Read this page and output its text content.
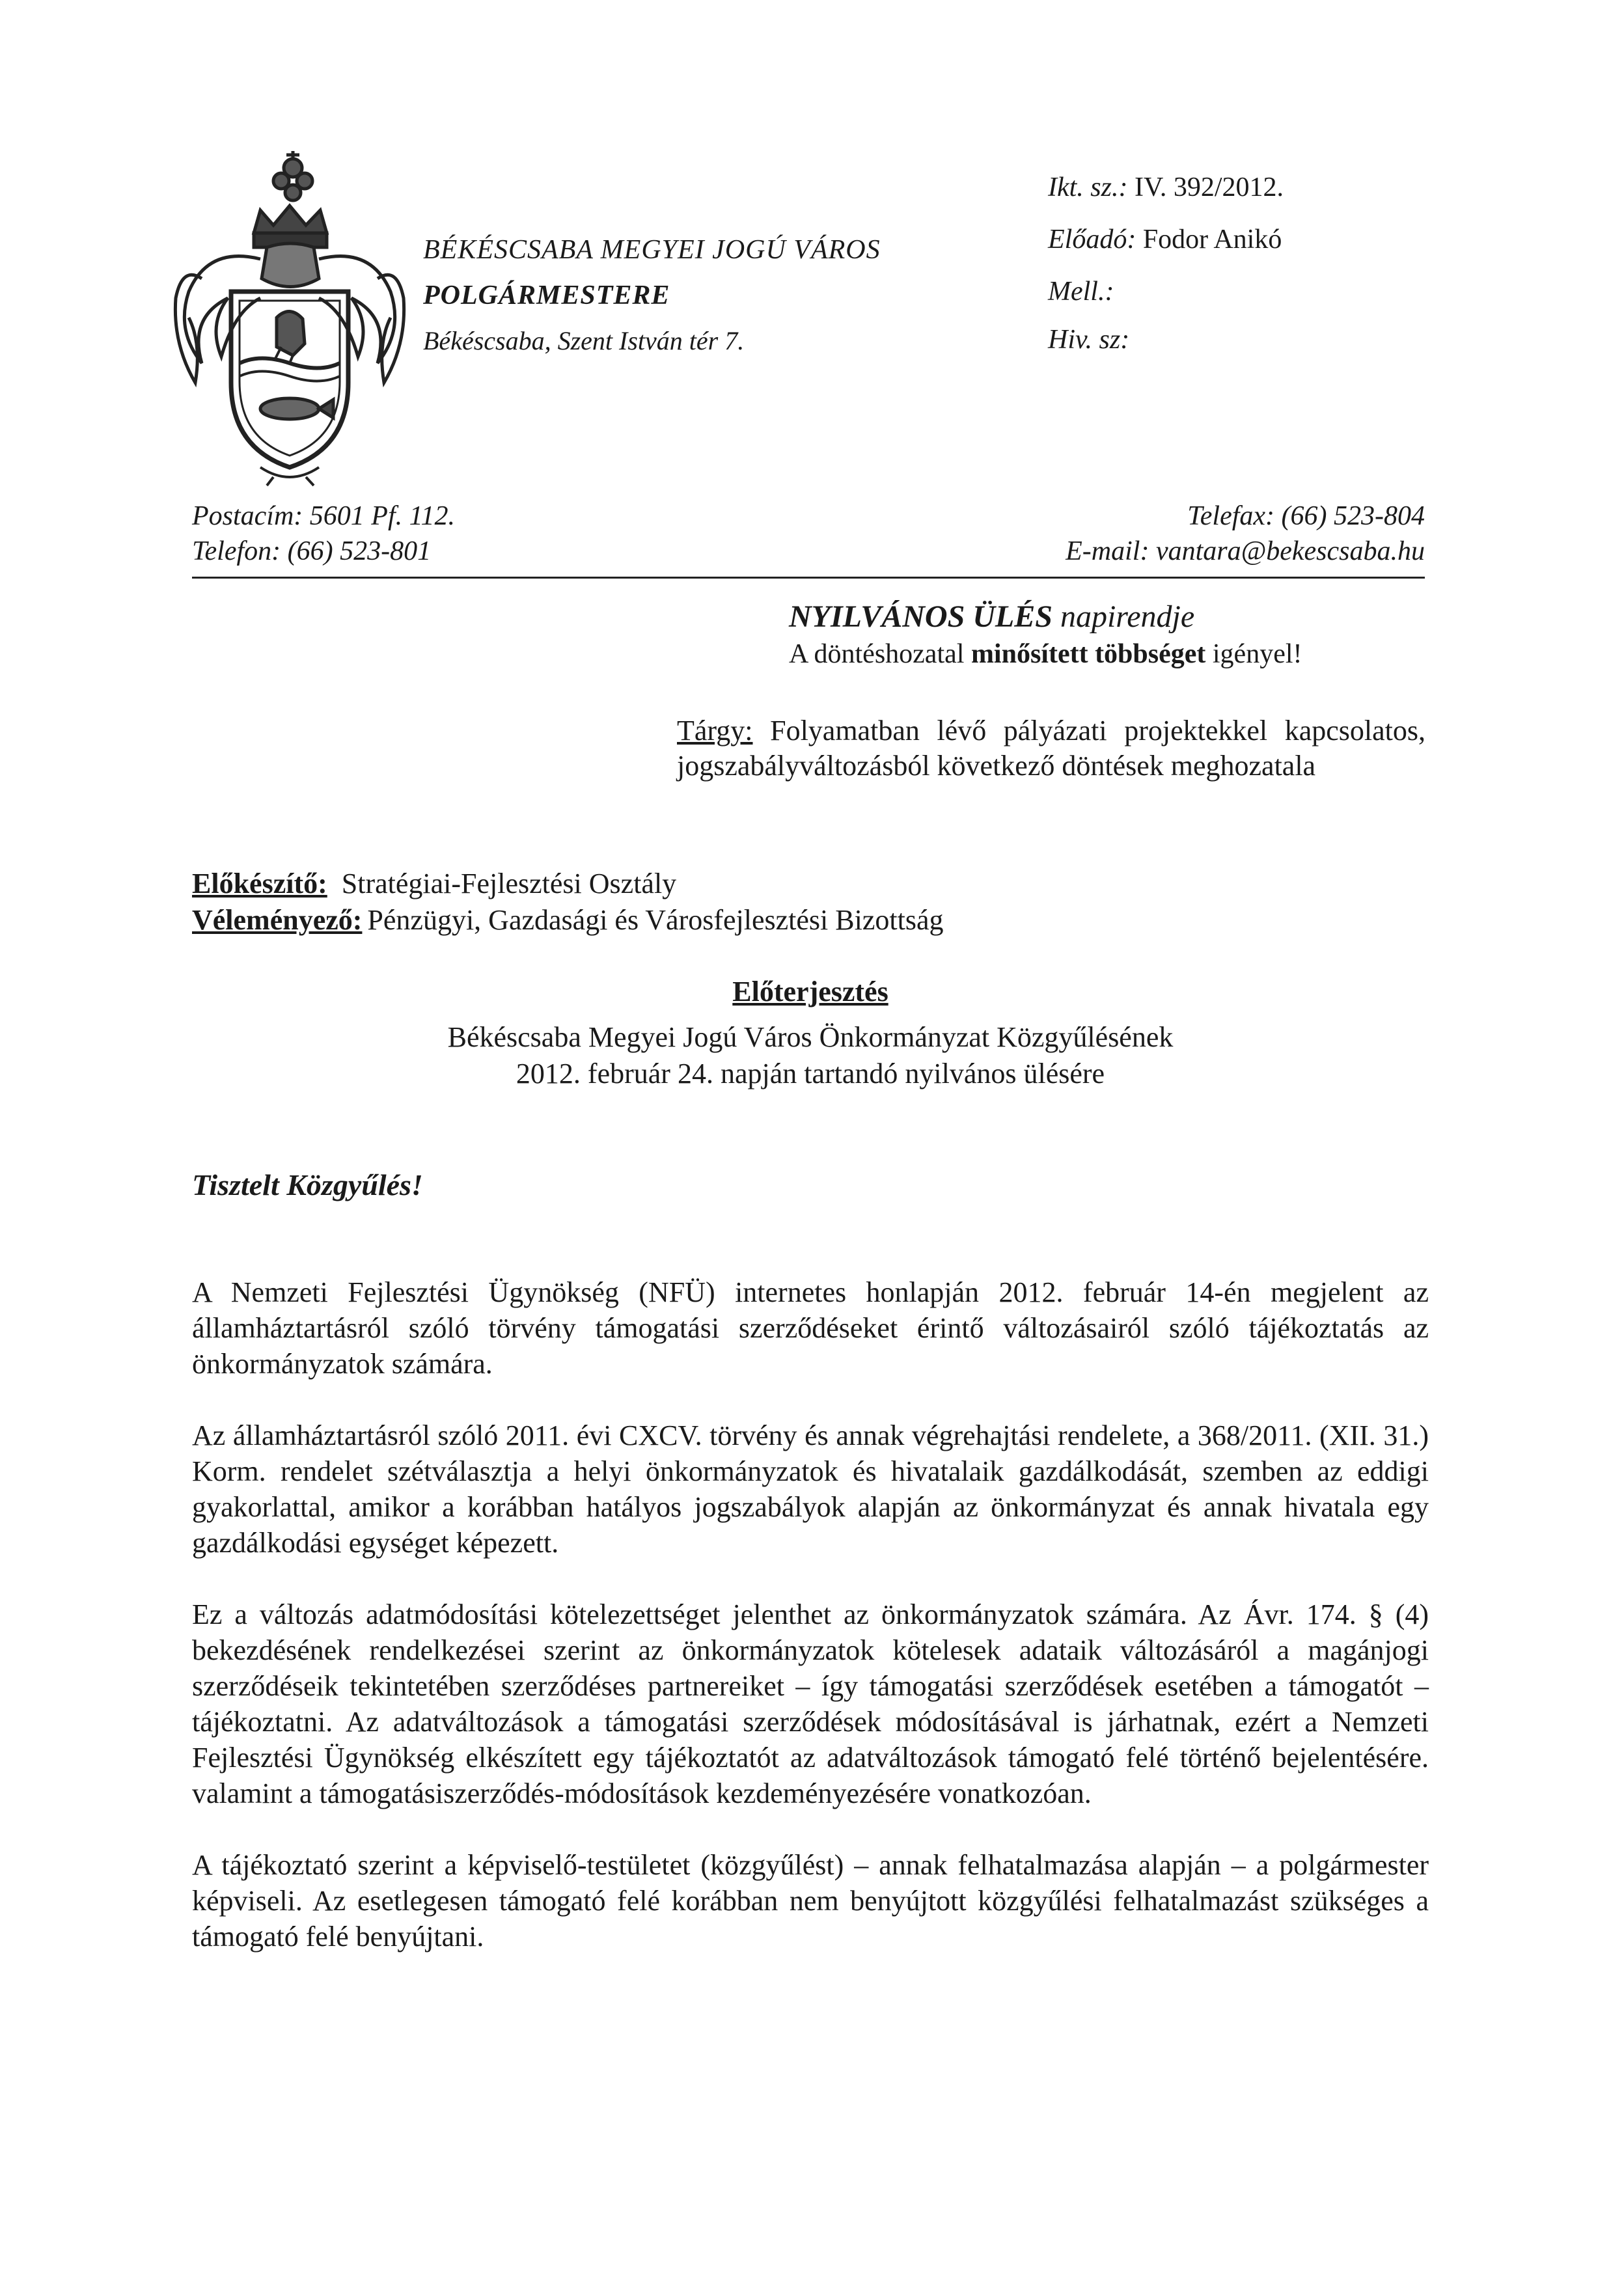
BÉKÉSCSABA MEGYEI JOGÚ VÁROS
POLGÁRMESTERE
Békéscsaba, Szent István tér 7.
Ikt. sz.: IV. 392/2012.
Előadó: Fodor Anikó
Mell.:
Hiv. sz:
Postacím: 5601 Pf. 112.
Telefon: (66) 523-801
Telefax: (66) 523-804
E-mail: vantara@bekescsaba.hu
NYILVÁNOS ÜLÉS napirendje
A döntéshozatal minősített többséget igényel!
Tárgy: Folyamatban lévő pályázati projektekkel kapcsolatos, jogszabályváltozásból következő döntések meghozatala
Előkészítő: Stratégiai-Fejlesztési Osztály
Véleményező: Pénzügyi, Gazdasági és Városfejlesztési Bizottság
Előterjesztés
Békéscsaba Megyei Jogú Város Önkormányzat Közgyűlésének
2012. február 24. napján tartandó nyilvános ülésére
Tisztelt Közgyűlés!

A Nemzeti Fejlesztési Ügynökség (NFÜ) internetes honlapján 2012. február 14-én megjelent az államháztartásról szóló törvény támogatási szerződéseket érintő változásairól szóló tájékoztatás az önkormányzatok számára.

Az államháztartásról szóló 2011. évi CXCV. törvény és annak végrehajtási rendelete, a 368/2011. (XII. 31.) Korm. rendelet szétválasztja a helyi önkormányzatok és hivatalaik gazdálkodását, szemben az eddigi gyakorlattal, amikor a korábban hatályos jogszabályok alapján az önkormányzat és annak hivatala egy gazdálkodási egységet képezett.

Ez a változás adatmódosítási kötelezettséget jelenthet az önkormányzatok számára. Az Ávr. 174. § (4) bekezdésének rendelkezései szerint az önkormányzatok kötelesek adataik változásáról a magánjogi szerződéseik tekintetében szerződéses partnereiket – így támogatási szerződések esetében a támogatót – tájékoztatni. Az adatváltozások a támogatási szerződések módosításával is járhatnak, ezért a Nemzeti Fejlesztési Ügynökség elkészített egy tájékoztatót az adatváltozások támogató felé történő bejelentésére. valamint a támogatásiszerződés-módosítások kezdeményezésére vonatkozóan.

A tájékoztató szerint a képviselő-testületet (közgyűlést) – annak felhatalmazása alapján – a polgármester képviseli. Az esetlegesen támogató felé korábban nem benyújtott közgyűlési felhatalmazást szükséges a támogató felé benyújtani.
